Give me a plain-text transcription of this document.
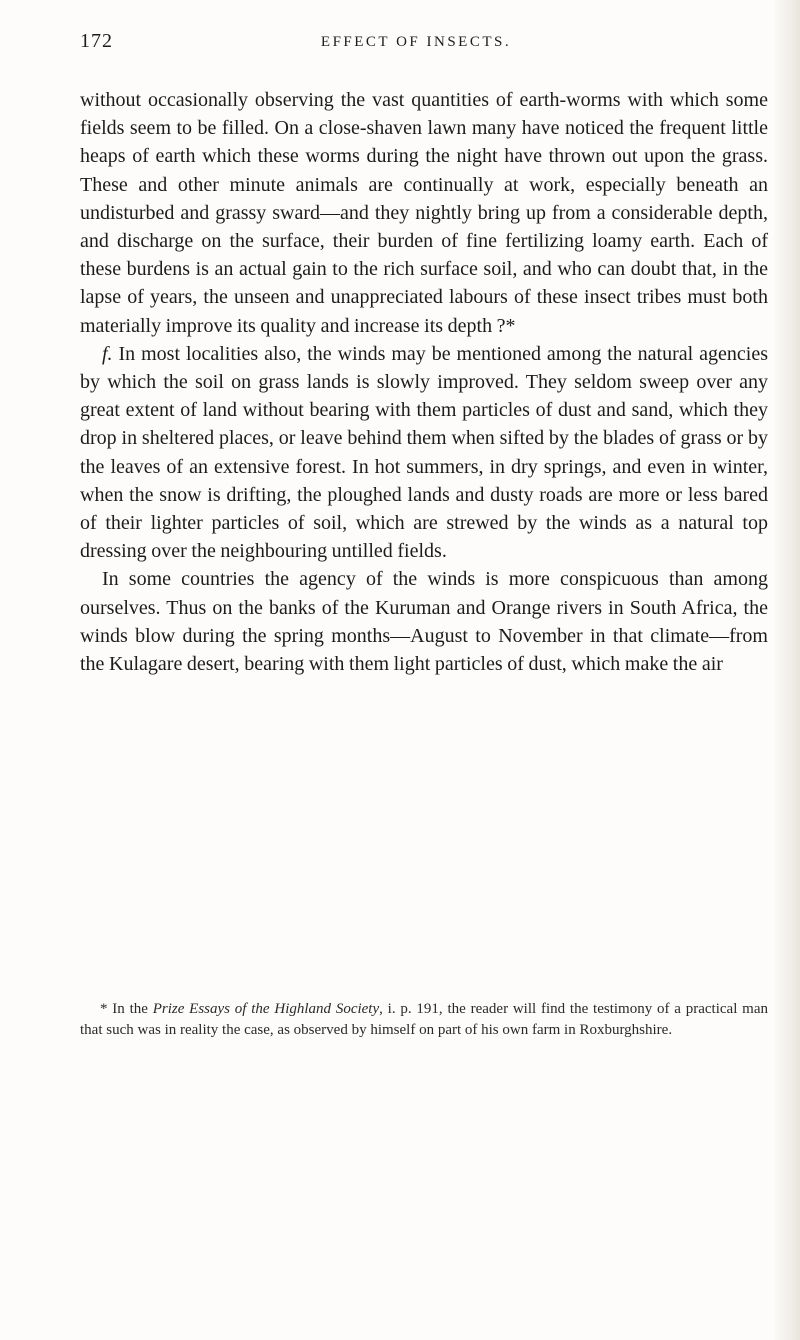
172	EFFECT OF INSECTS.

without occasionally observing the vast quantities of earth-worms with which some fields seem to be filled. On a close-shaven lawn many have noticed the frequent little heaps of earth which these worms during the night have thrown out upon the grass. These and other minute animals are continually at work, especially beneath an undisturbed and grassy sward—and they nightly bring up from a considerable depth, and discharge on the surface, their burden of fine fertilizing loamy earth. Each of these burdens is an actual gain to the rich surface soil, and who can doubt that, in the lapse of years, the unseen and unappreciated labours of these insect tribes must both materially improve its quality and increase its depth ?*

f. In most localities also, the winds may be mentioned among the natural agencies by which the soil on grass lands is slowly improved. They seldom sweep over any great extent of land without bearing with them particles of dust and sand, which they drop in sheltered places, or leave behind them when sifted by the blades of grass or by the leaves of an extensive forest. In hot summers, in dry springs, and even in winter, when the snow is drifting, the ploughed lands and dusty roads are more or less bared of their lighter particles of soil, which are strewed by the winds as a natural top dressing over the neighbouring untilled fields.

In some countries the agency of the winds is more conspicuous than among ourselves. Thus on the banks of the Kuruman and Orange rivers in South Africa, the winds blow during the spring months—August to November in that climate—from the Kulagare desert, bearing with them light particles of dust, which make the air

* In the Prize Essays of the Highland Society, i. p. 191, the reader will find the testimony of a practical man that such was in reality the case, as observed by himself on part of his own farm in Roxburghshire.
